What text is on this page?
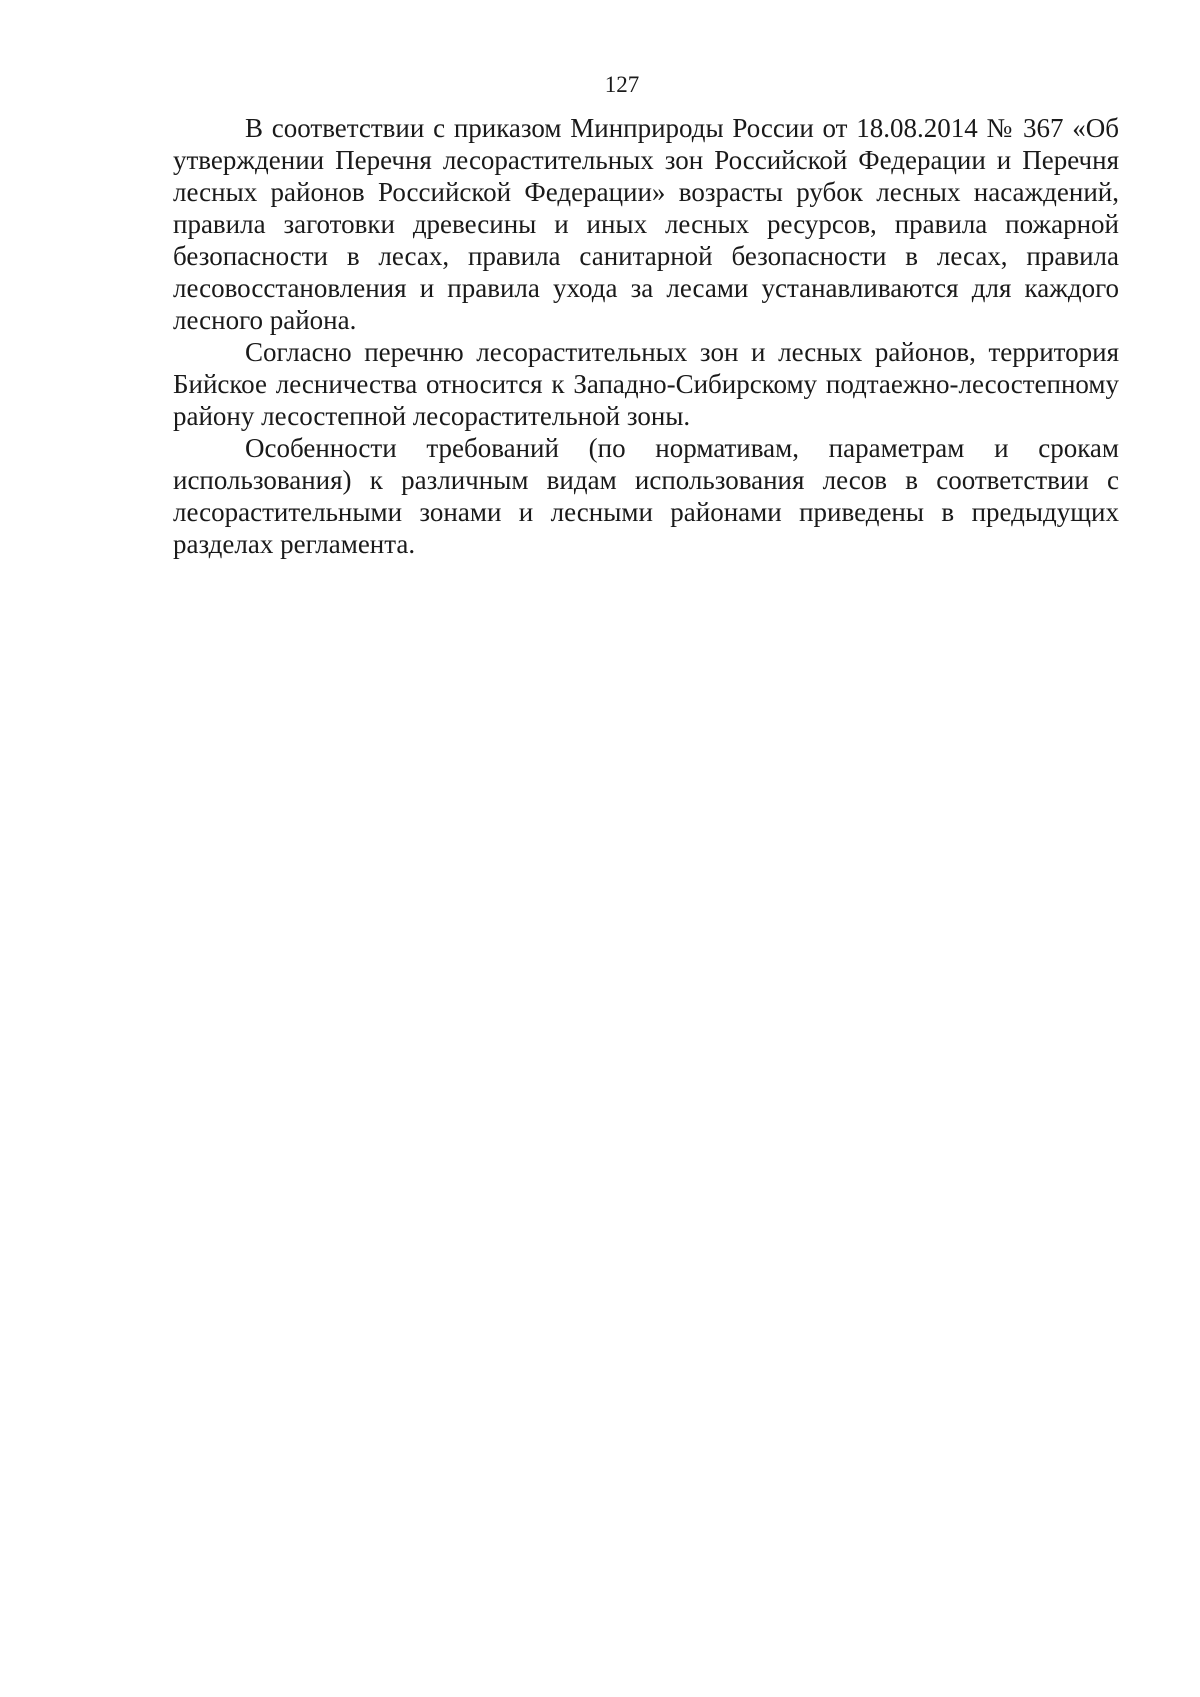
127

В соответствии с приказом Минприроды России от 18.08.2014 № 367 «Об утверждении Перечня лесорастительных зон Российской Федерации и Перечня лесных районов Российской Федерации» возрасты рубок лесных насаждений, правила заготовки древесины и иных лесных ресурсов, правила пожарной безопасности в лесах, правила санитарной безопасности в лесах, правила лесовосстановления и правила ухода за лесами устанавливаются для каждого лесного района.

Согласно перечню лесорастительных зон и лесных районов, территория Бийское лесничества относится к Западно-Сибирскому подтаежно-лесостепному району лесостепной лесорастительной зоны.

Особенности требований (по нормативам, параметрам и срокам использования) к различным видам использования лесов в соответствии с лесорастительными зонами и лесными районами приведены в предыдущих разделах регламента.
